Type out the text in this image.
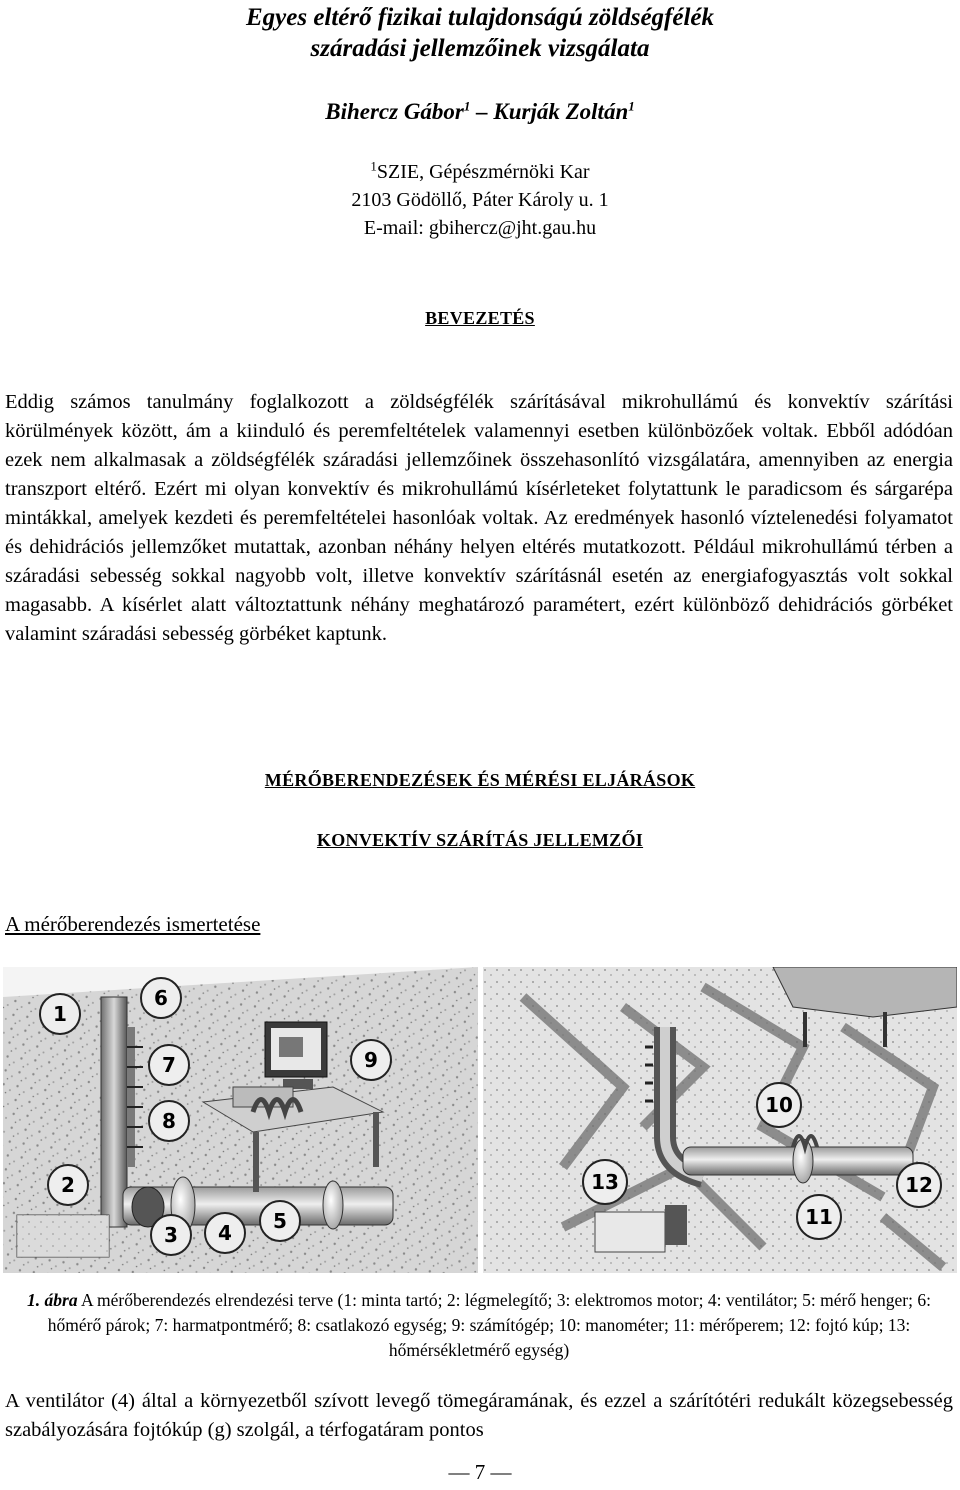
Egyes eltérő fizikai tulajdonságú zöldségfélék
száradási jellemzőinek vizsgálata
Bihercz Gábor$^1$ – Kurják Zoltán$^1$
$^1$SZIE, Gépészmérnöki Kar
2103 Gödöllő, Páter Károly u. 1
E-mail: gbihercz@jht.gau.hu
BEVEZETÉS

Eddig számos tanulmány foglalkozott a zöldségfélék szárításával mikrohullámú és konvektív szárítási körülmények között, ám a kiinduló és peremfeltételek valamennyi esetben különbözőek voltak. Ebből adódóan ezek nem alkalmasak a zöldségfélék száradási jellemzőinek összehasonlító vizsgálatára, amennyiben az energia transzport eltérő. Ezért mi olyan konvektív és mikrohullámú kísérleteket folytattunk le paradicsom és sárgarépa mintákkal, amelyek kezdeti és peremfeltételei hasonlóak voltak. Az eredmények hasonló víztelenedési folyamatot és dehidrációs jellemzőket mutattak, azonban néhány helyen eltérés mutatkozott. Például mikrohullámú térben a száradási sebesség sokkal nagyobb volt, illetve konvektív szárításnál esetén az energiafogyasztás volt sokkal magasabb. A kísérlet alatt változtattunk néhány meghatározó paramétert, ezért különböző dehidrációs görbéket valamint száradási sebesség görbéket kaptunk.

MÉRŐBERENDEZÉSEK ÉS MÉRÉSI ELJÁRÁSOK
KONVEKTÍV SZÁRÍTÁS JELLEMZŐI
A mérőberendezés ismertetése
1
6
7	9
8
2
3 4 5
10
13	12
11
1. ábra A mérőberendezés elrendezési terve (1: minta tartó; 2: légmelegítő; 3: elektromos motor; 4: ventilátor; 5: mérő henger; 6: hőmérő párok; 7: harmatpontmérő; 8: csatlakozó egység; 9: számítógép; 10: manométer; 11: mérőperem; 12: fojtó kúp; 13: hőmérsékletmérő egység)

A ventilátor (4) által a környezetből szívott levegő tömegáramának, és ezzel a szárítótéri redukált közegsebesség szabályozására fojtókúp (g) szolgál, a térfogatáram pontos

— 7 —
